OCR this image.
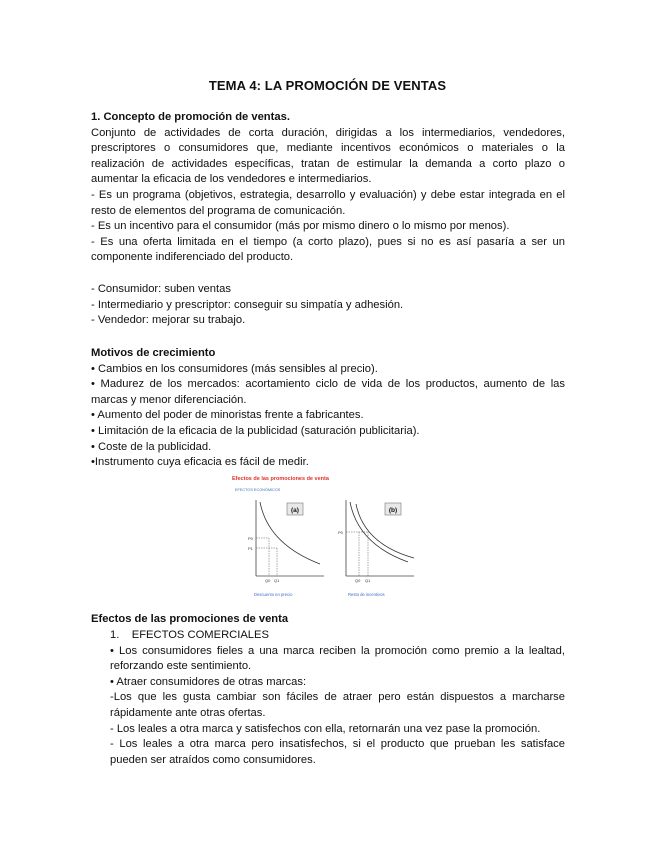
TEMA 4: LA PROMOCIÓN DE VENTAS
1. Concepto de promoción de ventas.
Conjunto de actividades de corta duración, dirigidas a los intermediarios, vendedores, prescriptores o consumidores que, mediante incentivos económicos o materiales o la realización de actividades específicas, tratan de estimular la demanda a corto plazo o aumentar la eficacia de los vendedores e intermediarios.
- Es un programa (objetivos, estrategia, desarrollo y evaluación) y debe estar integrada en el resto de elementos del programa de comunicación.
- Es un incentivo para el consumidor (más por mismo dinero o lo mismo por menos).
- Es una oferta limitada en el tiempo (a corto plazo), pues si no es así pasaría a ser un componente indiferenciado del producto.
- Consumidor: suben ventas
- Intermediario y prescriptor: conseguir su simpatía y adhesión.
- Vendedor: mejorar su trabajo.
Motivos de crecimiento
• Cambios en los consumidores (más sensibles al precio).
• Madurez de los mercados: acortamiento ciclo de vida de los productos, aumento de las marcas y menor diferenciación.
• Aumento del poder de minoristas frente a fabricantes.
• Limitación de la eficacia de la publicidad (saturación publicitaria).
• Coste de la publicidad.
•Instrumento cuya eficacia es fácil de medir.
Efectos de las promociones de venta
EFECTOS ECONÓMICOS
(a)
P0
P1
Q0 Q1
Descuento en precio
(b)
P0
Q0 Q1
Resto de incentivos
Efectos de las promociones de venta
1.    EFECTOS COMERCIALES
• Los consumidores fieles a una marca reciben la promoción como premio a la lealtad, reforzando este sentimiento.
• Atraer consumidores de otras marcas:
-Los que les gusta cambiar son fáciles de atraer pero están dispuestos a marcharse rápidamente ante otras ofertas.
- Los leales a otra marca y satisfechos con ella, retornarán una vez pase la promoción.
- Los leales a otra marca pero insatisfechos, si el producto que prueban les satisface pueden ser atraídos como consumidores.
